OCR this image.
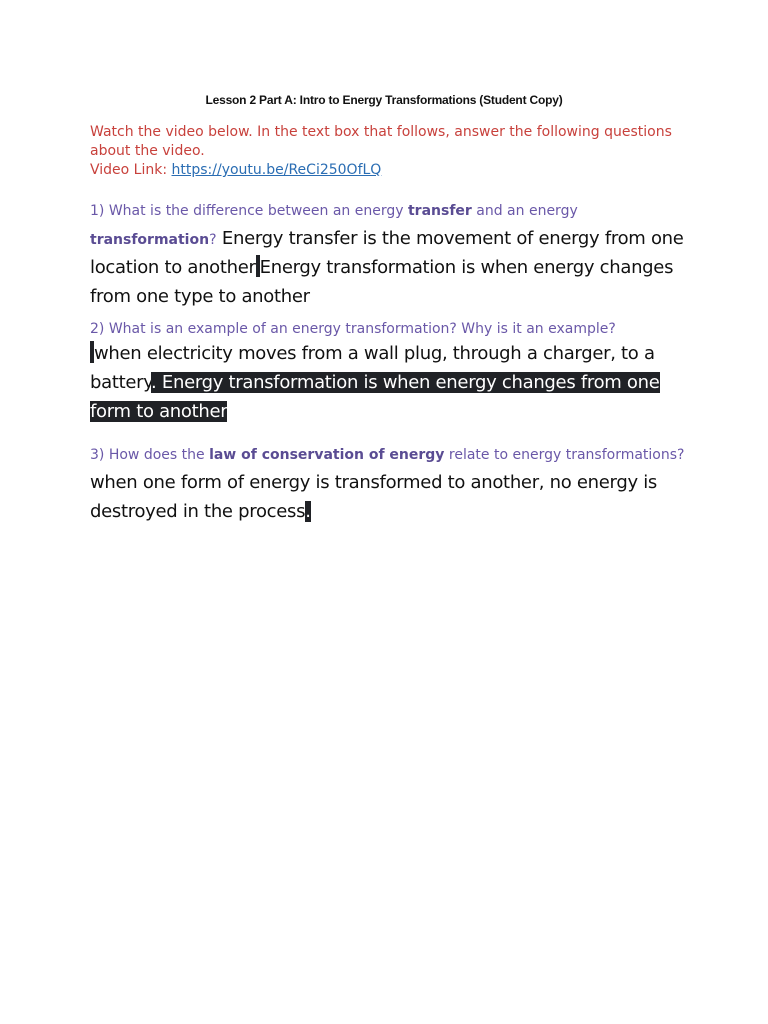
Lesson 2 Part A: Intro to Energy Transformations (Student Copy)
Watch the video below. In the text box that follows, answer the following questions about the video.
Video Link: https://youtu.be/ReCi250OfLQ
1) What is the difference between an energy transfer and an energy transformation? Energy transfer is the movement of energy from one location to another Energy transformation is when energy changes from one type to another
2) What is an example of an energy transformation? Why is it an example?
when electricity moves from a wall plug, through a charger, to a battery. Energy transformation is when energy changes from one form to another
3) How does the law of conservation of energy relate to energy transformations? when one form of energy is transformed to another, no energy is destroyed in the process.
